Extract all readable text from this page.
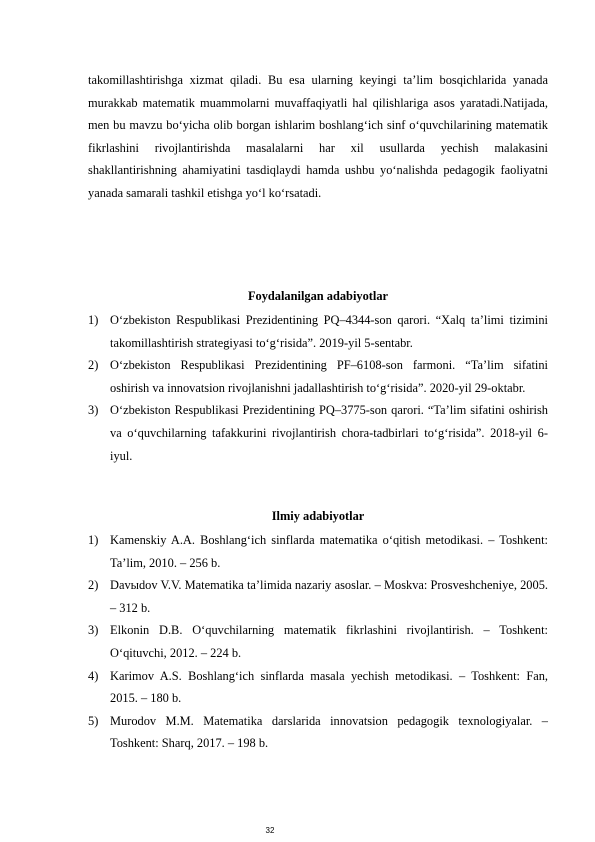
takomillashtirishga xizmat qiladi. Bu esa ularning keyingi ta’lim bosqichlarida yanada murakkab matematik muammolarni muvaffaqiyatli hal qilishlariga asos yaratadi.Natijada, men bu mavzu bo‘yicha olib borgan ishlarim boshlang‘ich sinf o‘quvchilarining matematik fikrlashini rivojlantirishda masalalarni har xil usullarda yechish malakasini shakllantirishning ahamiyatini tasdiqlaydi hamda ushbu yo‘nalishda pedagogik faoliyatni yanada samarali tashkil etishga yo‘l ko‘rsatadi.

Foydalanilgan adabiyotlar

1) O‘zbekiston Respublikasi Prezidentining PQ–4344-son qarori. “Xalq ta’limi tizimini takomillashtirish strategiyasi to‘g‘risida”. 2019-yil 5-sentabr.
2) O‘zbekiston Respublikasi Prezidentining PF–6108-son farmoni. “Ta’lim sifatini oshirish va innovatsion rivojlanishni jadallashtirish to‘g‘risida”. 2020-yil 29-oktabr.
3) O‘zbekiston Respublikasi Prezidentining PQ–3775-son qarori. “Ta’lim sifatini oshirish va o‘quvchilarning tafakkurini rivojlantirish chora-tadbirlari to‘g‘risida”. 2018-yil 6-iyul.

Ilmiy adabiyotlar

1) Kamenskiy A.A. Boshlang‘ich sinflarda matematika o‘qitish metodikasi. – Toshkent: Ta’lim, 2010. – 256 b.
2) Davыdov V.V. Matematika ta’limida nazariy asoslar. – Moskva: Prosveshcheniye, 2005. – 312 b.
3) Elkonin D.B. O‘quvchilarning matematik fikrlashini rivojlantirish. – Toshkent: O‘qituvchi, 2012. – 224 b.
4) Karimov A.S. Boshlang‘ich sinflarda masala yechish metodikasi. – Toshkent: Fan, 2015. – 180 b.
5) Murodov M.M. Matematika darslarida innovatsion pedagogik texnologiyalar. – Toshkent: Sharq, 2017. – 198 b.
32
